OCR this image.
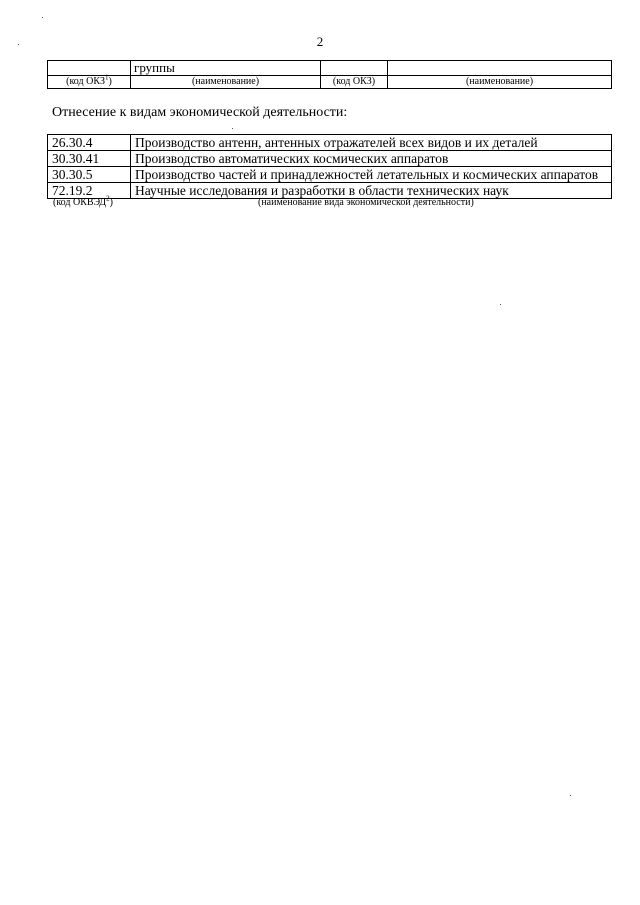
2
	группы		
(код ОКЗ$^1$)	(наименование)	(код ОКЗ)	(наименование)
Отнесение к видам экономической деятельности:
26.30.4	Производство антенн, антенных отражателей всех видов и их деталей
30.30.41	Производство автоматических космических аппаратов
30.30.5	Производство частей и принадлежностей летательных и космических аппаратов
72.19.2	Научные исследования и разработки в области технических наук
(код ОКВЭД$^2$)	(наименование вида экономической деятельности)
